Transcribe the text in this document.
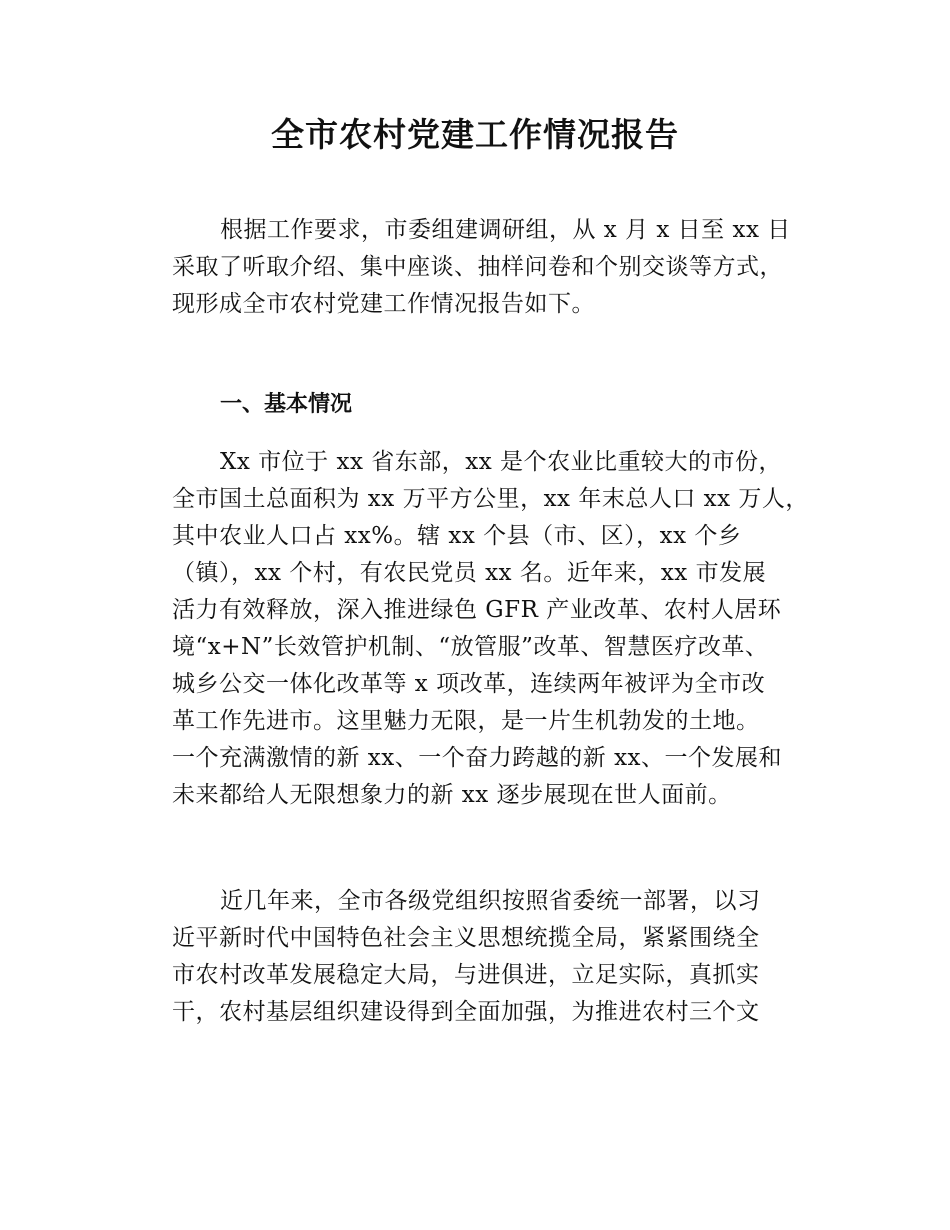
全市农村党建工作情况报告
根据工作要求，市委组建调研组，从 x 月 x 日至 xx 日
采取了听取介绍、集中座谈、抽样问卷和个别交谈等方式，
现形成全市农村党建工作情况报告如下。
一、基本情况
Xx 市位于 xx 省东部，xx 是个农业比重较大的市份，
全市国土总面积为 xx 万平方公里，xx 年末总人口 xx 万人，
其中农业人口占 xx%。辖 xx 个县（市、区），xx 个乡
（镇），xx 个村，有农民党员 xx 名。近年来，xx 市发展
活力有效释放，深入推进绿色 GFR 产业改革、农村人居环
境“x+N”长效管护机制、“放管服”改革、智慧医疗改革、
城乡公交一体化改革等 x 项改革，连续两年被评为全市改
革工作先进市。这里魅力无限，是一片生机勃发的土地。
一个充满激情的新 xx、一个奋力跨越的新 xx、一个发展和
未来都给人无限想象力的新 xx 逐步展现在世人面前。
近几年来，全市各级党组织按照省委统一部署，以习
近平新时代中国特色社会主义思想统揽全局，紧紧围绕全
市农村改革发展稳定大局，与进俱进，立足实际，真抓实
干，农村基层组织建设得到全面加强，为推进农村三个文
